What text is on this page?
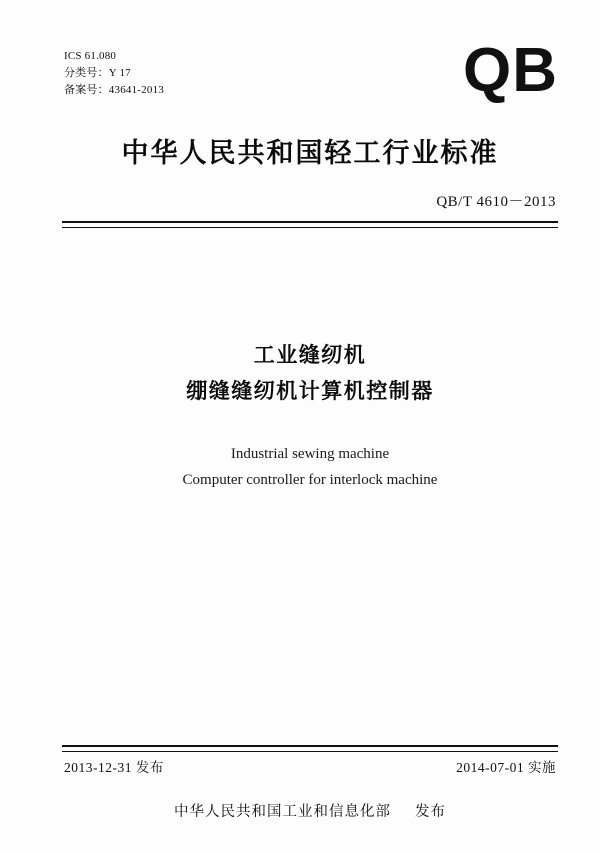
ICS 61.080
分类号：Y 17
备案号：43641-2013	QB
中华人民共和国轻工行业标准
QB/T 4610－2013
工业缝纫机
绷缝缝纫机计算机控制器
Industrial sewing machine
Computer controller for interlock machine
2013-12-31 发布	2014-07-01 实施
中华人民共和国工业和信息化部 发布
